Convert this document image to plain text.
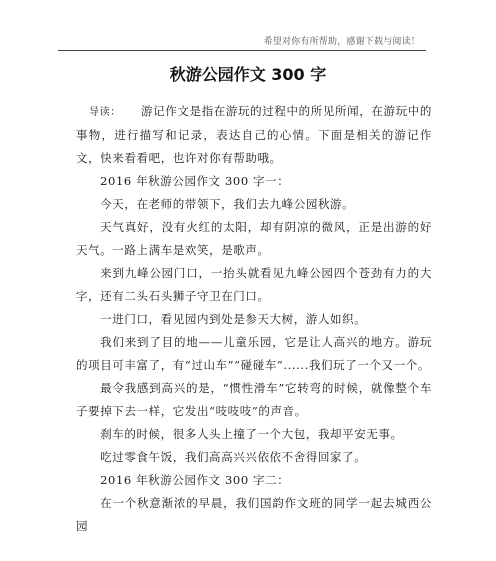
希望对你有所帮助，感谢下载与阅读！
秋游公园作文 300 字

导读： 游记作文是指在游玩的过程中的所见所闻，在游玩中的事物，进行描写和记录，表达自己的心情。下面是相关的游记作文，快来看看吧，也许对你有帮助哦。

2016 年秋游公园作文 300 字一：

今天，在老师的带领下，我们去九峰公园秋游。

天气真好，没有火红的太阳，却有阴凉的微风，正是出游的好天气。一路上满车是欢笑，是歌声。

来到九峰公园门口，一抬头就看见九峰公园四个苍劲有力的大字，还有二头石头狮子守卫在门口。

一进门口，看见园内到处是参天大树，游人如织。

我们来到了目的地——儿童乐园，它是让人高兴的地方。游玩的项目可丰富了，有“过山车”“碰碰车”......我们玩了一个又一个。

最令我感到高兴的是，“惯性滑车”它转弯的时候，就像整个车子要掉下去一样，它发出“吱吱吱”的声音。

刹车的时候，很多人头上撞了一个大包，我却平安无事。

吃过零食午饭，我们高高兴兴依依不舍得回家了。

2016 年秋游公园作文 300 字二：

在一个秋意渐浓的早晨，我们国韵作文班的同学一起去城西公园
